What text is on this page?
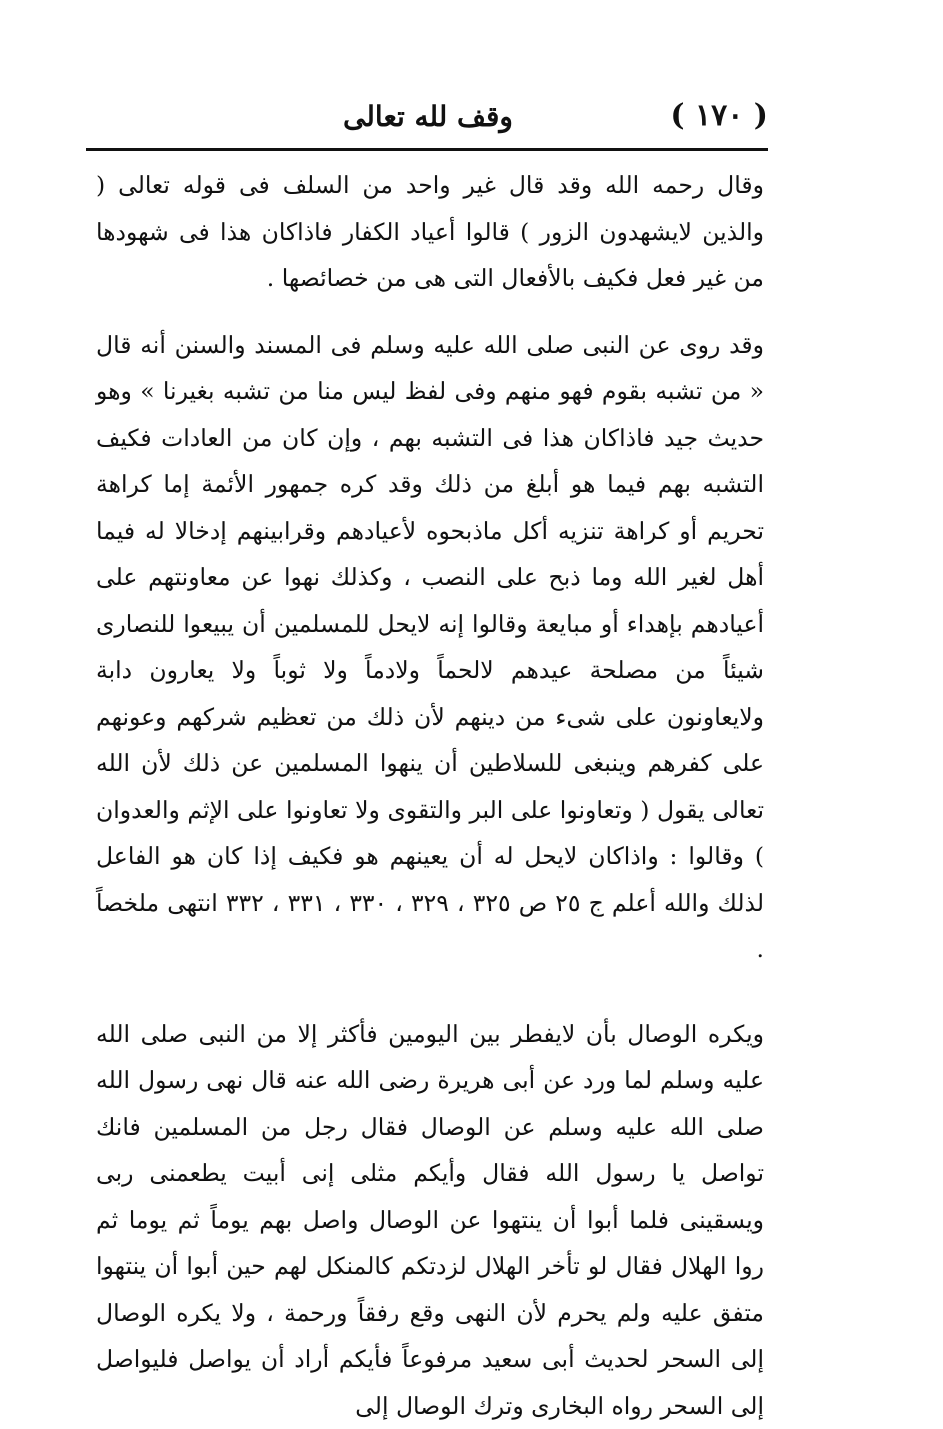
( ١٧٠ )
وقف لله تعالى

وقال رحمه الله وقد قال غير واحد من السلف فى قوله تعالى ( والذين لايشهدون الزور ) قالوا أعياد الكفار فاذاكان هذا فى شهودها من غير فعل فكيف بالأفعال التى هى من خصائصها .

وقد روى عن النبى صلى الله عليه وسلم فى المسند والسنن أنه قال « من تشبه بقوم فهو منهم وفى لفظ ليس منا من تشبه بغيرنا » وهو حديث جيد فاذاكان هذا فى التشبه بهم ، وإن كان من العادات فكيف التشبه بهم فيما هو أبلغ من ذلك وقد كره جمهور الأئمة إما كراهة تحريم أو كراهة تنزيه أكل ماذبحوه لأعيادهم وقرابينهم إدخالا له فيما أهل لغير الله وما ذبح على النصب ، وكذلك نهوا عن معاونتهم على أعيادهم بإهداء أو مبايعة وقالوا إنه لايحل للمسلمين أن يبيعوا للنصارى شيئاً من مصلحة عيدهم لالحماً ولادماً ولا ثوباً ولا يعارون دابة ولايعاونون على شىء من دينهم لأن ذلك من تعظيم شركهم وعونهم على كفرهم وينبغى للسلاطين أن ينهوا المسلمين عن ذلك لأن الله تعالى يقول ( وتعاونوا على البر والتقوى ولا تعاونوا على الإثم والعدوان ) وقالوا : واذاكان لايحل له أن يعينهم هو فكيف إذا كان هو الفاعل لذلك والله أعلم ج ٢٥ ص ٣٢٥ ، ٣٢٩ ، ٣٣٠ ، ٣٣١ ، ٣٣٢ انتهى ملخصاً .

ويكره الوصال بأن لايفطر بين اليومين فأكثر إلا من النبى صلى الله عليه وسلم لما ورد عن أبى هريرة رضى الله عنه قال نهى رسول الله صلى الله عليه وسلم عن الوصال فقال رجل من المسلمين فانك تواصل يا رسول الله فقال وأيكم مثلى إنى أبيت يطعمنى ربى ويسقينى فلما أبوا أن ينتهوا عن الوصال واصل بهم يوماً ثم يوما ثم روا الهلال فقال لو تأخر الهلال لزدتكم كالمنكل لهم حين أبوا أن ينتهوا متفق عليه ولم يحرم لأن النهى وقع رفقاً ورحمة ، ولا يكره الوصال إلى السحر لحديث أبى سعيد مرفوعاً فأيكم أراد أن يواصل فليواصل إلى السحر رواه البخارى وترك الوصال إلى
